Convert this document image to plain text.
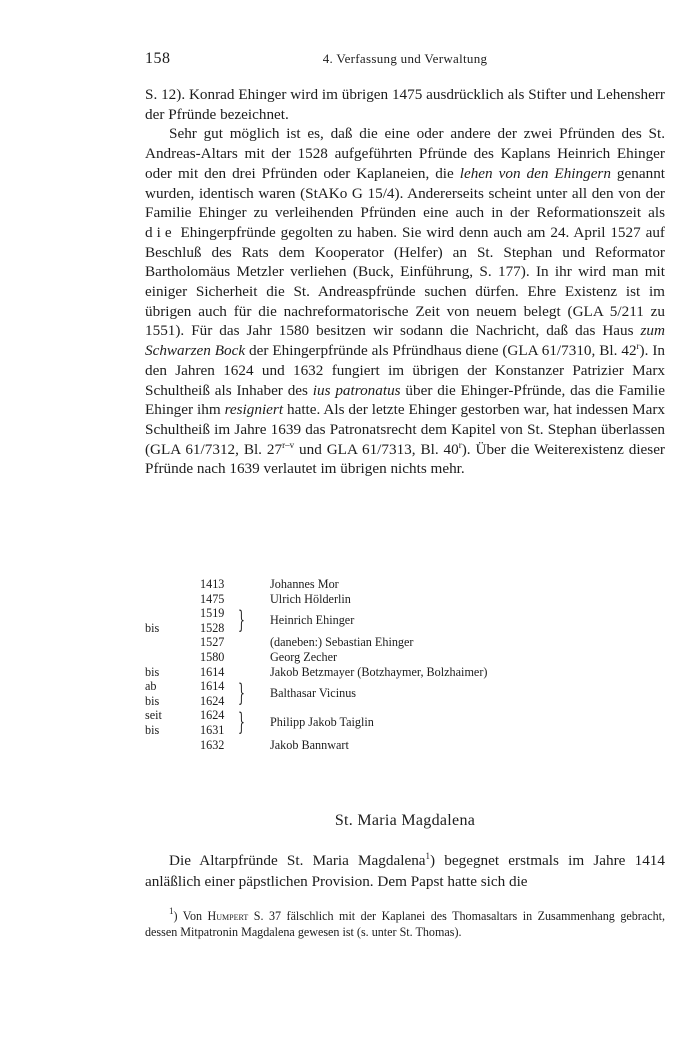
158	4. Verfassung und Verwaltung

S. 12). Konrad Ehinger wird im übrigen 1475 ausdrücklich als Stifter und Lehensherr der Pfründe bezeichnet.

Sehr gut möglich ist es, daß die eine oder andere der zwei Pfründen des St. Andreas-Altars mit der 1528 aufgeführten Pfründe des Kaplans Heinrich Ehinger oder mit den drei Pfründen oder Kaplaneien, die lehen von den Ehingern genannt wurden, identisch waren (StAKo G 15/4). Andererseits scheint unter all den von der Familie Ehinger zu verleihenden Pfründen eine auch in der Reformationszeit als die Ehingerpfründe gegolten zu haben. Sie wird denn auch am 24. April 1527 auf Beschluß des Rats dem Kooperator (Helfer) an St. Stephan und Reformator Bartholomäus Metzler verliehen (Buck, Einführung, S. 177). In ihr wird man mit einiger Sicherheit die St. Andreaspfründe suchen dürfen. Ehre Existenz ist im übrigen auch für die nachreformatorische Zeit von neuem belegt (GLA 5/211 zu 1551). Für das Jahr 1580 besitzen wir sodann die Nachricht, daß das Haus zum Schwarzen Bock der Ehingerpfründe als Pfründhaus diene (GLA 61/7310, Bl. 42$^r$). In den Jahren 1624 und 1632 fungiert im übrigen der Konstanzer Patrizier Marx Schultheiß als Inhaber des ius patronatus über die Ehinger-Pfründe, das die Familie Ehinger ihm resigniert hatte. Als der letzte Ehinger gestorben war, hat indessen Marx Schultheiß im Jahre 1639 das Patronatsrecht dem Kapitel von St. Stephan überlassen (GLA 61/7312, Bl. 27$^{r-v}$ und GLA 61/7313, Bl. 40$^r$). Über die Weiterexistenz dieser Pfründe nach 1639 verlautet im übrigen nichts mehr.

1413	Johannes Mor
1475	Ulrich Hölderlin
1519
bis	1528 } Heinrich Ehinger
1527	(daneben:) Sebastian Ehinger
1580	Georg Zecher
bis	1614	Jakob Betzmayer (Botzhaymer, Bolzhaimer)
ab	1614
bis	1624 } Balthasar Vicinus
seit	1624
bis	1631 } Philipp Jakob Taiglin
1632	Jakob Bannwart
St. Maria Magdalena

Die Altarpfründe St. Maria Magdalena$^1$) begegnet erstmals im Jahre 1414 anläßlich einer päpstlichen Provision. Dem Papst hatte sich die

$^1$) Von Humpert S. 37 fälschlich mit der Kaplanei des Thomasaltars in Zusammenhang gebracht, dessen Mitpatronin Magdalena gewesen ist (s. unter St. Thomas).
